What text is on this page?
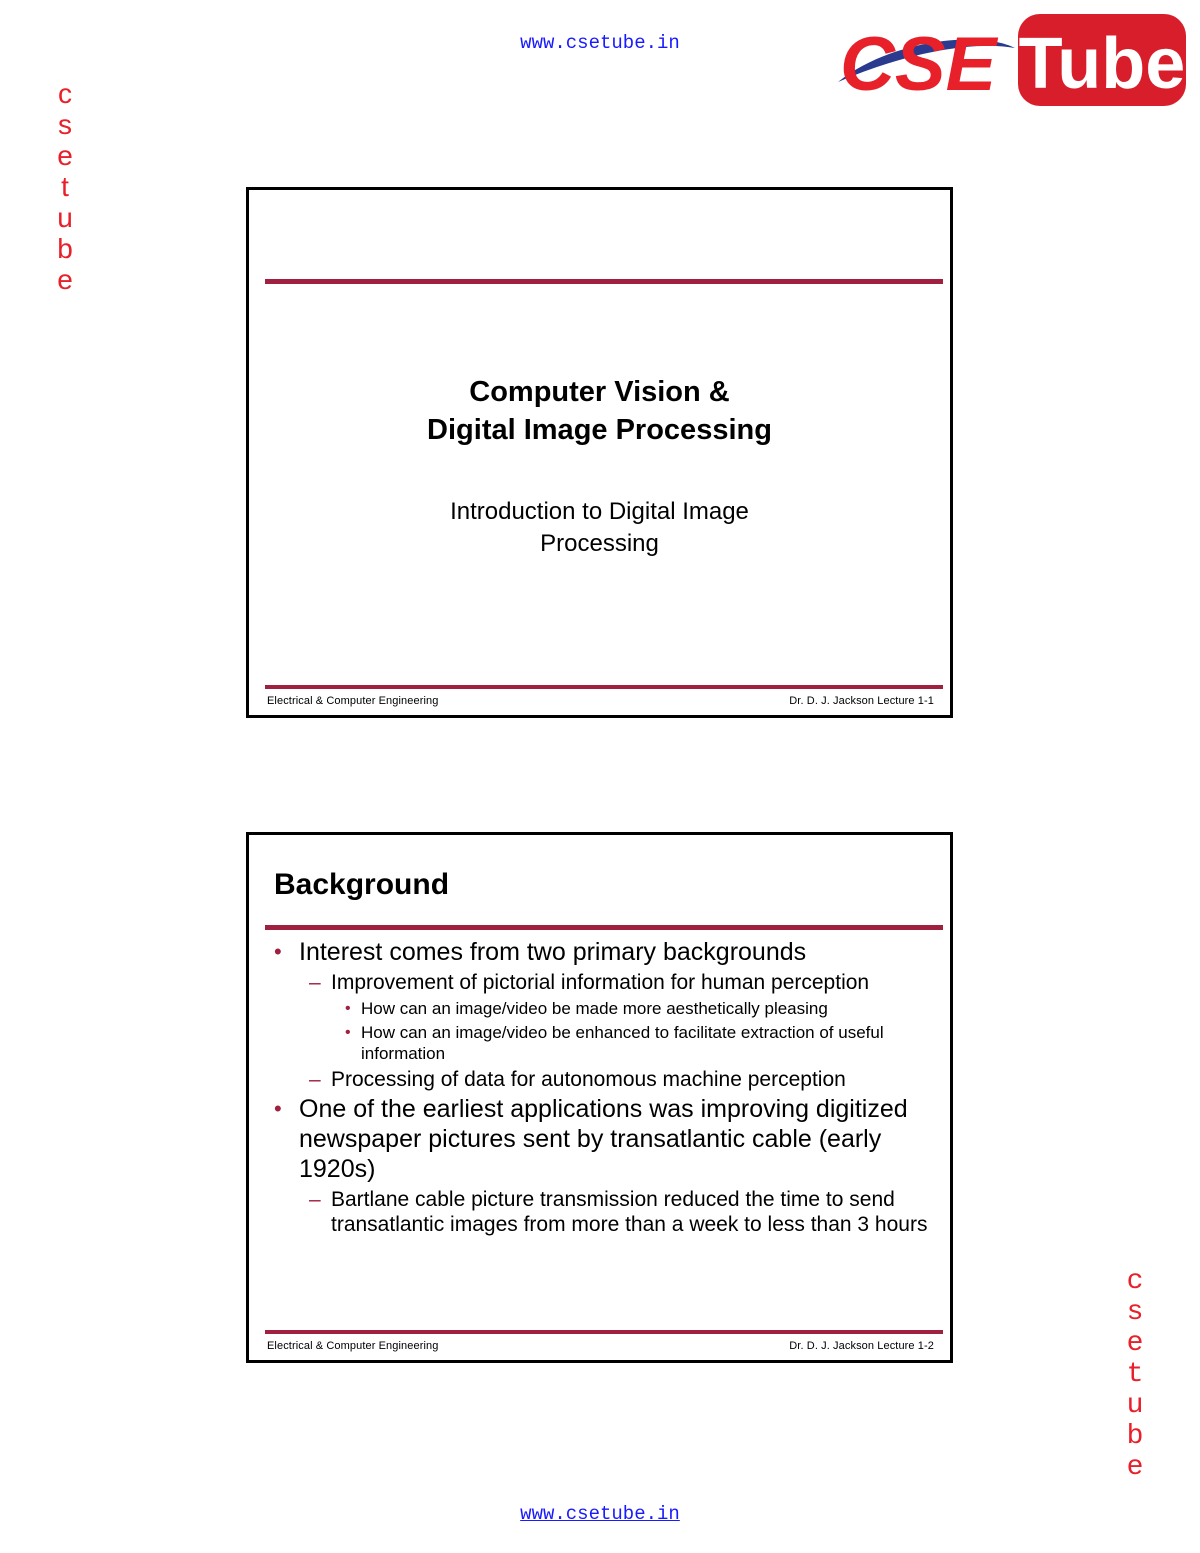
www.csetube.in	CSE Tube
c
s
e
t
u
b
e
c
s
e
t
u
b
e
Computer Vision &
Digital Image Processing
Introduction to Digital Image
Processing
Electrical & Computer Engineering	Dr. D. J. Jackson Lecture 1-1
Background
• Interest comes from two primary backgrounds
– Improvement of pictorial information for human perception
• How can an image/video be made more aesthetically pleasing
• How can an image/video be enhanced to facilitate extraction of useful information
– Processing of data for autonomous machine perception
• One of the earliest applications was improving digitized newspaper pictures sent by transatlantic cable (early 1920s)
– Bartlane cable picture transmission reduced the time to send transatlantic images from more than a week to less than 3 hours
Electrical & Computer Engineering	Dr. D. J. Jackson Lecture 1-2
www.csetube.in
